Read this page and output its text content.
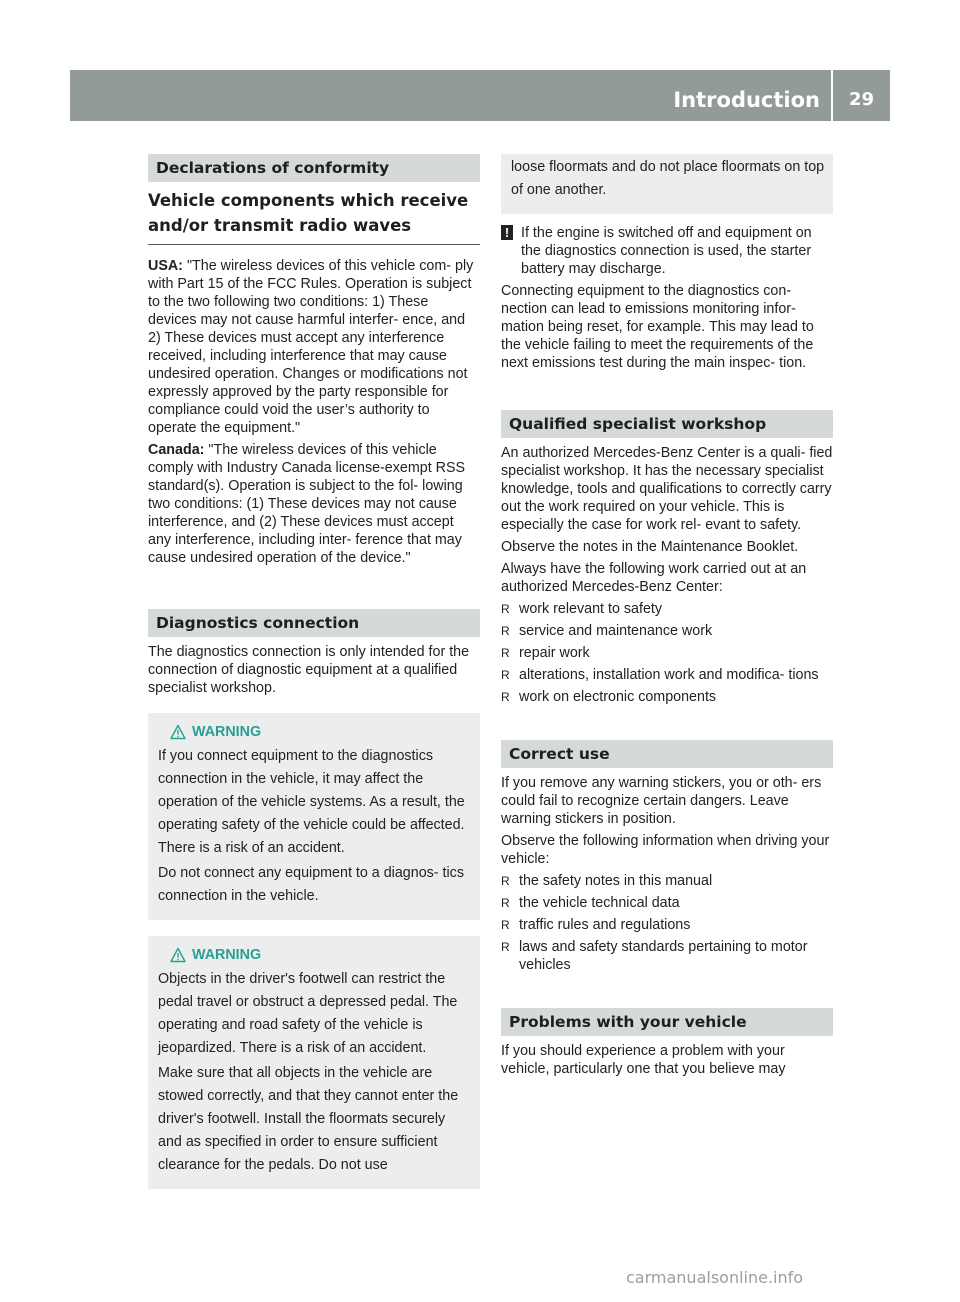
Introduction	29
Declarations of conformity
Vehicle components which receive and/or transmit radio waves

USA: "The wireless devices of this vehicle com- ply with Part 15 of the FCC Rules. Operation is subject to the two following two conditions: 1) These devices may not cause harmful interfer- ence, and 2) These devices must accept any interference received, including interference that may cause undesired operation. Changes or modifications not expressly approved by the party responsible for compliance could void the user’s authority to operate the equipment."

Canada: "The wireless devices of this vehicle comply with Industry Canada license-exempt RSS standard(s). Operation is subject to the fol- lowing two conditions: (1) These devices may not cause interference, and (2) These devices must accept any interference, including inter- ference that may cause undesired operation of the device."

Diagnostics connection

The diagnostics connection is only intended for the connection of diagnostic equipment at a qualified specialist workshop.

WARNING

If you connect equipment to the diagnostics connection in the vehicle, it may affect the operation of the vehicle systems. As a result, the operating safety of the vehicle could be affected. There is a risk of an accident.

Do not connect any equipment to a diagnos- tics connection in the vehicle.

WARNING

Objects in the driver's footwell can restrict the pedal travel or obstruct a depressed pedal. The operating and road safety of the vehicle is jeopardized. There is a risk of an accident.

Make sure that all objects in the vehicle are stowed correctly, and that they cannot enter the driver's footwell. Install the floormats securely and as specified in order to ensure sufficient clearance for the pedals. Do not use

loose floormats and do not place floormats on top of one another.

! If the engine is switched off and equipment on the diagnostics connection is used, the starter battery may discharge.

Connecting equipment to the diagnostics con- nection can lead to emissions monitoring infor- mation being reset, for example. This may lead to the vehicle failing to meet the requirements of the next emissions test during the main inspec- tion.

Qualified specialist workshop

An authorized Mercedes-Benz Center is a quali- fied specialist workshop. It has the necessary specialist knowledge, tools and qualifications to correctly carry out the work required on your vehicle. This is especially the case for work rel- evant to safety.

Observe the notes in the Maintenance Booklet.

Always have the following work carried out at an authorized Mercedes-Benz Center:

R work relevant to safety
R service and maintenance work
R repair work
R alterations, installation work and modifica- tions
R work on electronic components
Correct use

If you remove any warning stickers, you or oth- ers could fail to recognize certain dangers. Leave warning stickers in position.

Observe the following information when driving your vehicle:

R the safety notes in this manual
R the vehicle technical data
R traffic rules and regulations
R laws and safety standards pertaining to motor vehicles
Problems with your vehicle

If you should experience a problem with your vehicle, particularly one that you believe may

carmanualsonline.info
